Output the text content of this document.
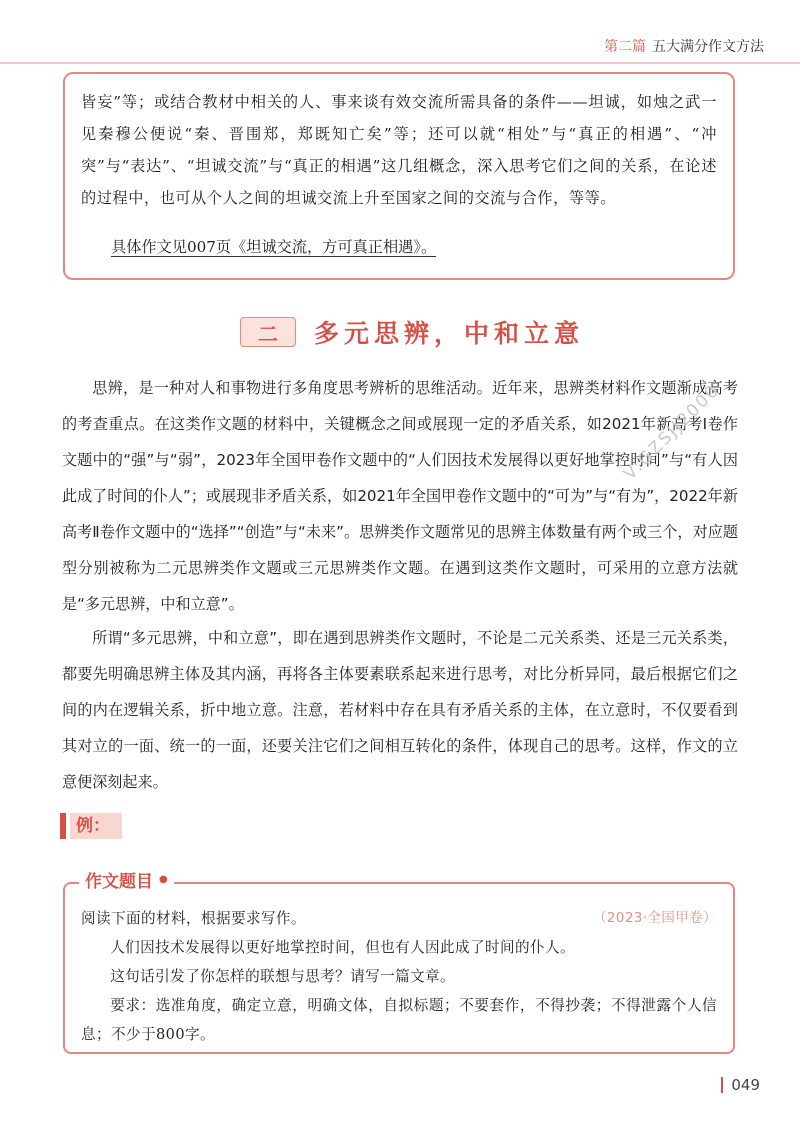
第二篇 五大满分作文方法

皆妄”等；或结合教材中相关的人、事来谈有效交流所需具备的条件——坦诚，如烛之武一见秦穆公便说“秦、晋围郑，郑既知亡矣”等；还可以就“相处”与“真正的相遇”、“冲突”与“表达”、“坦诚交流”与“真正的相遇”这几组概念，深入思考它们之间的关系，在论述的过程中，也可从个人之间的坦诚交流上升至国家之间的交流与合作，等等。

具体作文见007页《坦诚交流，方可真正相遇》。
二 多元思辨，中和立意

思辨，是一种对人和事物进行多角度思考辨析的思维活动。近年来，思辨类材料作文题渐成高考的考查重点。在这类作文题的材料中，关键概念之间或展现一定的矛盾关系，如2021年新高考Ⅰ卷作文题中的“强”与“弱”，2023年全国甲卷作文题中的“人们因技术发展得以更好地掌控时间”与“有人因此成了时间的仆人”；或展现非矛盾关系，如2021年全国甲卷作文题中的“可为”与“有为”，2022年新高考Ⅱ卷作文题中的“选择”“创造”与“未来”。思辨类作文题常见的思辨主体数量有两个或三个，对应题型分别被称为二元思辨类作文题或三元思辨类作文题。在遇到这类作文题时，可采用的立意方法就是“多元思辨，中和立意”。

所谓“多元思辨，中和立意”，即在遇到思辨类作文题时，不论是二元关系类、还是三元关系类，都要先明确思辨主体及其内涵，再将各主体要素联系起来进行思考，对比分析异同，最后根据它们之间的内在逻辑关系，折中地立意。注意，若材料中存在具有矛盾关系的主体，在立意时，不仅要看到其对立的一面、统一的一面，还要关注它们之间相互转化的条件，体现自己的思考。这样，作文的立意便深刻起来。

V:GZSJJ2000
例：
作文题目 ●
阅读下面的材料，根据要求写作。	（2023·全国甲卷）
人们因技术发展得以更好地掌控时间，但也有人因此成了时间的仆人。
这句话引发了你怎样的联想与思考？请写一篇文章。
要求：选准角度，确定立意，明确文体，自拟标题；不要套作，不得抄袭；不得泄露个人信息；不少于800字。
049
